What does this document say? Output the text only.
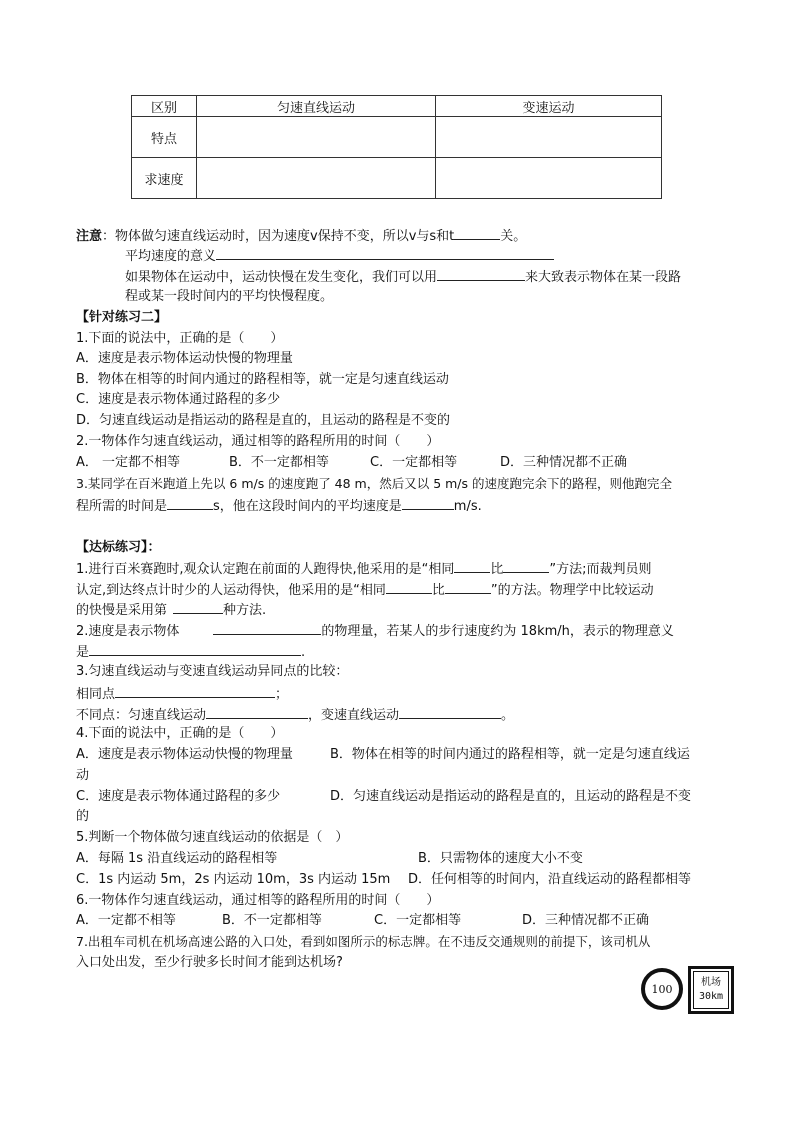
区别	匀速直线运动	变速运动
特点		
求速度		
注意：物体做匀速直线运动时，因为速度v保持不变，所以v与s和t	关。
平均速度的意义
如果物体在运动中，运动快慢在发生变化，我们可以用	来大致表示物体在某一段路
程或某一段时间内的平均快慢程度。
【针对练习二】
1.下面的说法中，正确的是（　　）
A．速度是表示物体运动快慢的物理量
B．物体在相等的时间内通过的路程相等，就一定是匀速直线运动
C．速度是表示物体通过路程的多少
D．匀速直线运动是指运动的路程是直的，且运动的路程是不变的
2.一物体作匀速直线运动，通过相等的路程所用的时间（　　）
A． 一定都不相等	B．不一定都相等	C．一定都相等	D．三种情况都不正确
3.某同学在百米跑道上先以 6 m/s 的速度跑了 48 m，然后又以 5 m/s 的速度跑完余下的路程，则他跑完全
程所需的时间是	s，他在这段时间内的平均速度是	m/s.
【达标练习】：
1.进行百米赛跑时,观众认定跑在前面的人跑得快,他采用的是“相同	比	”方法;而裁判员则
认定,到达终点计时少的人运动得快，他采用的是“相同	比	”的方法。物理学中比较运动
的快慢是采用第	种方法.
2.速度是表示物体	的物理量，若某人的步行速度约为 18km/h，表示的物理意义
是	.
3.匀速直线运动与变速直线运动异同点的比较：
相同点	；
不同点：匀速直线运动	，变速直线运动	。
4.下面的说法中，正确的是（　　）
A．速度是表示物体运动快慢的物理量	B．物体在相等的时间内通过的路程相等，就一定是匀速直线运
动
C．速度是表示物体通过路程的多少	D．匀速直线运动是指运动的路程是直的，且运动的路程是不变
的
5.判断一个物体做匀速直线运动的依据是（　）
A．每隔 1s 沿直线运动的路程相等	B．只需物体的速度大小不变
C．1s 内运动 5m，2s 内运动 10m，3s 内运动 15m D．任何相等的时间内，沿直线运动的路程都相等
6.一物体作匀速直线运动，通过相等的路程所用的时间（　　）
A．一定都不相等	B．不一定都相等	C．一定都相等	D．三种情况都不正确
7.出租车司机在机场高速公路的入口处，看到如图所示的标志牌。在不违反交通规则的前提下，该司机从
入口处出发，至少行驶多长时间才能到达机场?
100	机场
30km
